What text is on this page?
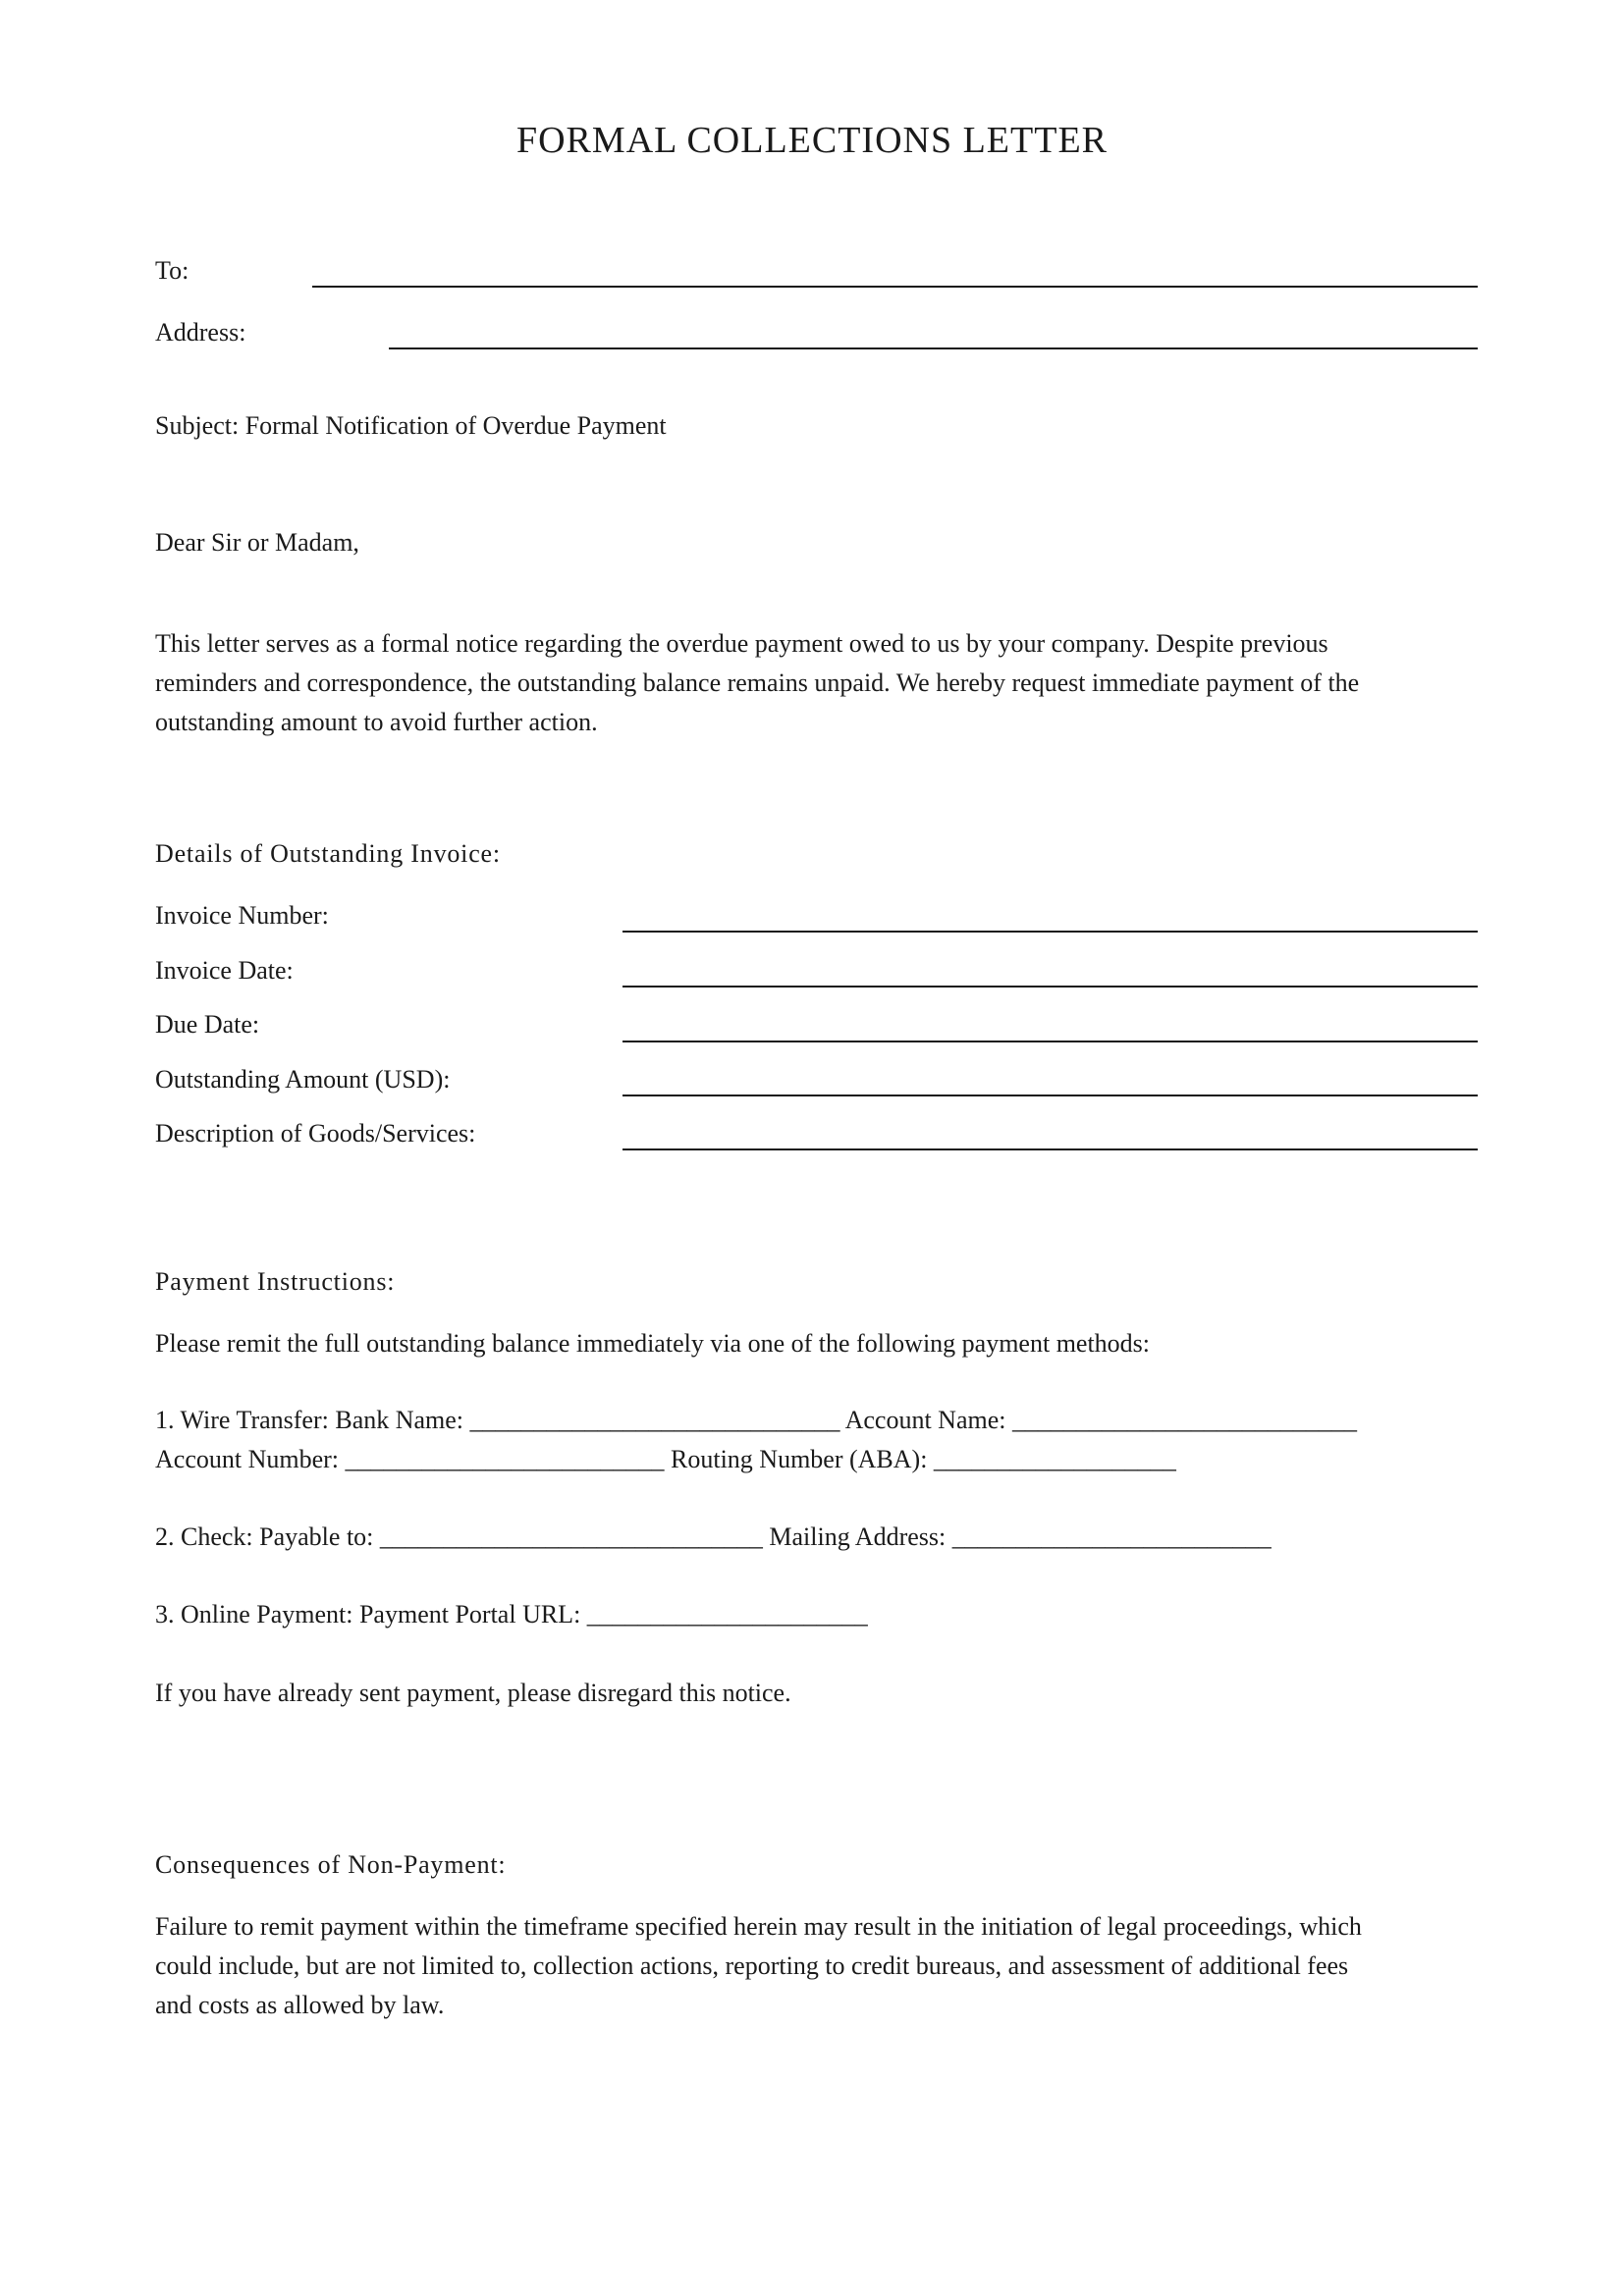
FORMAL COLLECTIONS LETTER
To:
Address:
Subject: Formal Notification of Overdue Payment
Dear Sir or Madam,
This letter serves as a formal notice regarding the overdue payment owed to us by your company. Despite previous
reminders and correspondence, the outstanding balance remains unpaid. We hereby request immediate payment of the
outstanding amount to avoid further action.
Details of Outstanding Invoice:
Invoice Number:
Invoice Date:
Due Date:
Outstanding Amount (USD):
Description of Goods/Services:
Payment Instructions:
Please remit the full outstanding balance immediately via one of the following payment methods:
1. Wire Transfer: Bank Name: _____________________________ Account Name: ___________________________
Account Number: _________________________ Routing Number (ABA): ___________________
2. Check: Payable to: ______________________________ Mailing Address: _________________________
3. Online Payment: Payment Portal URL: ______________________
If you have already sent payment, please disregard this notice.
Consequences of Non-Payment:
Failure to remit payment within the timeframe specified herein may result in the initiation of legal proceedings, which
could include, but are not limited to, collection actions, reporting to credit bureaus, and assessment of additional fees
and costs as allowed by law.
